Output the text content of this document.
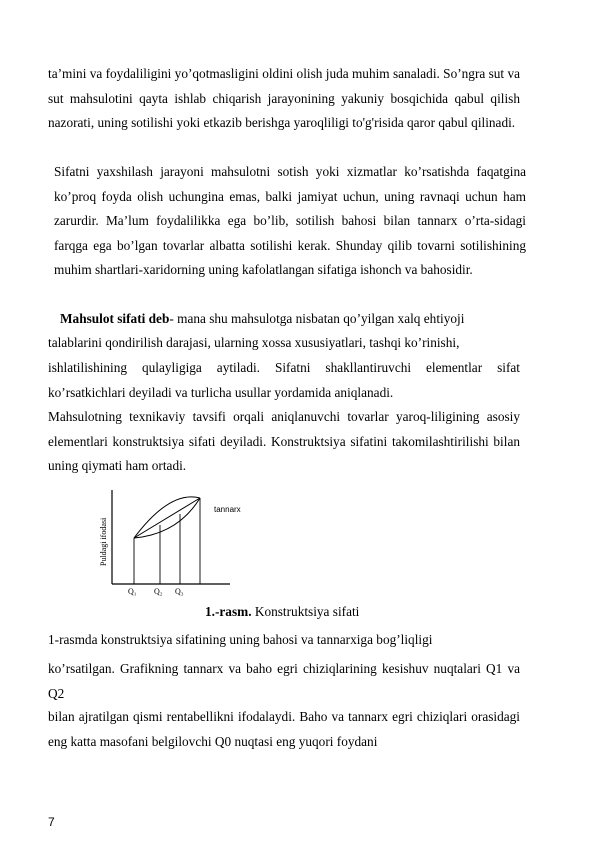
ta’mini va foydaliligini yo’qotmasligini oldini olish juda muhim sanaladi. So’ngra sut va sut mahsulotini qayta ishlab chiqarish jarayonining yakuniy bosqichida qabul qilish nazorati, uning sotilishi yoki etkazib berishga yaroqliligi to'g'risida qaror qabul qilinadi.

Sifatni yaxshilash jarayoni mahsulotni sotish yoki xizmatlar ko’rsatishda faqatgina ko’proq foyda olish uchungina emas, balki jamiyat uchun, uning ravnaqi uchun ham zarurdir. Ma’lum foydalilikka ega bo’lib, sotilish bahosi bilan tannarx o’rta-sidagi farqga ega bo’lgan tovarlar albatta sotilishi kerak. Shunday qilib tovarni sotilishining muhim shartlari-xaridorning uning kafolatlangan sifatiga ishonch va bahosidir.

Mahsulot sifati deb- mana shu mahsulotga nisbatan qo’yilgan xalq ehtiyoji

talablarini qondirilish darajasi, ularning xossa xususiyatlari, tashqi ko’rinishi,

ishlatilishining qulayligiga aytiladi. Sifatni shakllantiruvchi elementlar sifat ko’rsatkichlari deyiladi va turlicha usullar yordamida aniqlanadi.

Mahsulotning texnikaviy tavsifi orqali aniqlanuvchi tovarlar yaroq-liligining asosiy elementlari konstruktsiya sifati deyiladi. Konstruktsiya sifatini takomilashtirilishi bilan uning qiymati ham ortadi.

Puldagi ifodasi
tannarx
Q₁ Q₂ Q₃
1.-rasm. Konstruktsiya sifati

1-rasmda konstruktsiya sifatining uning bahosi va tannarxiga bog’liqligi

ko’rsatilgan. Grafikning tannarx va baho egri chiziqlarining kesishuv nuqtalari Q1 va Q2

bilan ajratilgan qismi rentabellikni ifodalaydi. Baho va tannarx egri chiziqlari orasidagi eng katta masofani belgilovchi Q0 nuqtasi eng yuqori foydani

7
